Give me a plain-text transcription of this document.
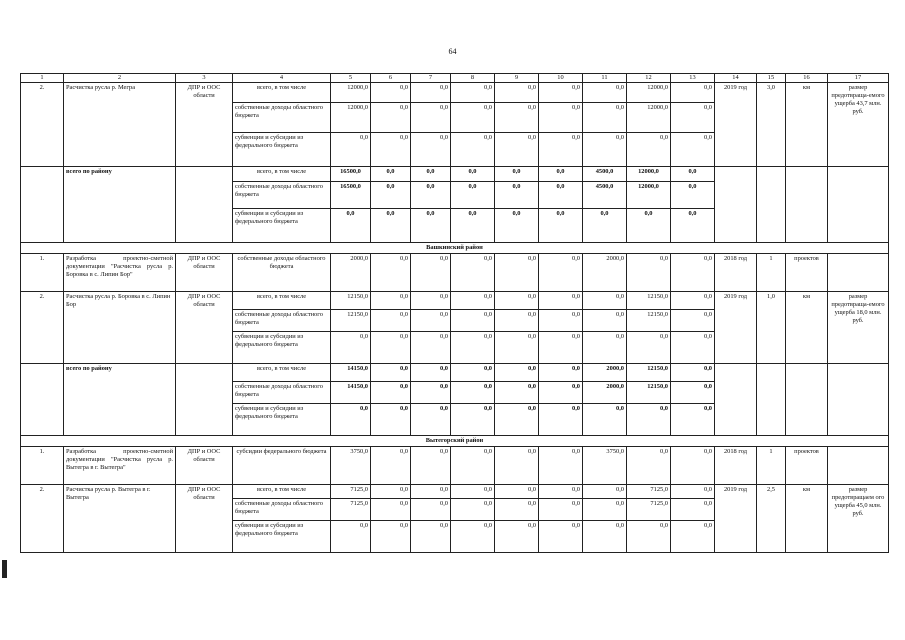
64
1	2	3	4	5	6	7	8	9	10	11	12	13	14	15	16	17
2.	Расчистка русла р. Мегра	ДПР и ООС области	всего, в том числе	12000,0	0,0	0,0	0,0	0,0	0,0	0,0	12000,0	0,0	2019 год	3,0	км	размер предотвраща-емого ущерба 43,7 млн. руб.
			собственные доходы областного бюджета	12000,0	0,0	0,0	0,0	0,0	0,0	0,0	12000,0	0,0				
			субвенции и субсидии из федерального бюджета	0,0	0,0	0,0	0,0	0,0	0,0	0,0	0,0	0,0				
	всего по району		всего, в том числе	16500,0	0,0	0,0	0,0	0,0	0,0	4500,0	12000,0	0,0				
			собственные доходы областного бюджета	16500,0	0,0	0,0	0,0	0,0	0,0	4500,0	12000,0	0,0				
			субвенции и субсидии из федерального бюджета	0,0	0,0	0,0	0,0	0,0	0,0	0,0	0,0	0,0				
Вашкинский район																
1.	Разработка проектно-сметной документации "Расчистка русла р. Боровка в с. Липин Бор"	ДПР и ООС области	собственные доходы областного бюджета	2000,0	0,0	0,0	0,0	0,0	0,0	2000,0	0,0	0,0	2018 год	1	проектов	
2.	Расчистка русла р. Боровка в с. Липин Бор	ДПР и ООС области	всего, в том числе	12150,0	0,0	0,0	0,0	0,0	0,0	0,0	12150,0	0,0	2019 год	1,0	км	размер предотвраща-емого ущерба 18,0 млн. руб.
			собственные доходы областного бюджета	12150,0	0,0	0,0	0,0	0,0	0,0	0,0	12150,0	0,0				
			субвенции и субсидии из федерального бюджета	0,0	0,0	0,0	0,0	0,0	0,0	0,0	0,0	0,0				
	всего по району		всего, в том числе	14150,0	0,0	0,0	0,0	0,0	0,0	2000,0	12150,0	0,0				
			собственные доходы областного бюджета	14150,0	0,0	0,0	0,0	0,0	0,0	2000,0	12150,0	0,0				
			субвенции и субсидии из федерального бюджета	0,0	0,0	0,0	0,0	0,0	0,0	0,0	0,0	0,0				
Вытегорский район																
1.	Разработка проектно-сметной документации "Расчистка русла р. Вытегра в г. Вытегра"	ДПР и ООС области	субсидии федерального бюджета	3750,0	0,0	0,0	0,0	0,0	0,0	3750,0	0,0	0,0	2018 год	1	проектов	
2.	Расчистка русла р. Вытегра в г. Вытегра	ДПР и ООС области	всего, в том числе	7125,0	0,0	0,0	0,0	0,0	0,0	0,0	7125,0	0,0	2019 год	2,5	км	размер предотвращаем ого ущерба 45,0 млн. руб.
			собственные доходы областного бюджета	7125,0	0,0	0,0	0,0	0,0	0,0	0,0	7125,0	0,0				
			субвенции и субсидии из федерального бюджета	0,0	0,0	0,0	0,0	0,0	0,0	0,0	0,0	0,0				
